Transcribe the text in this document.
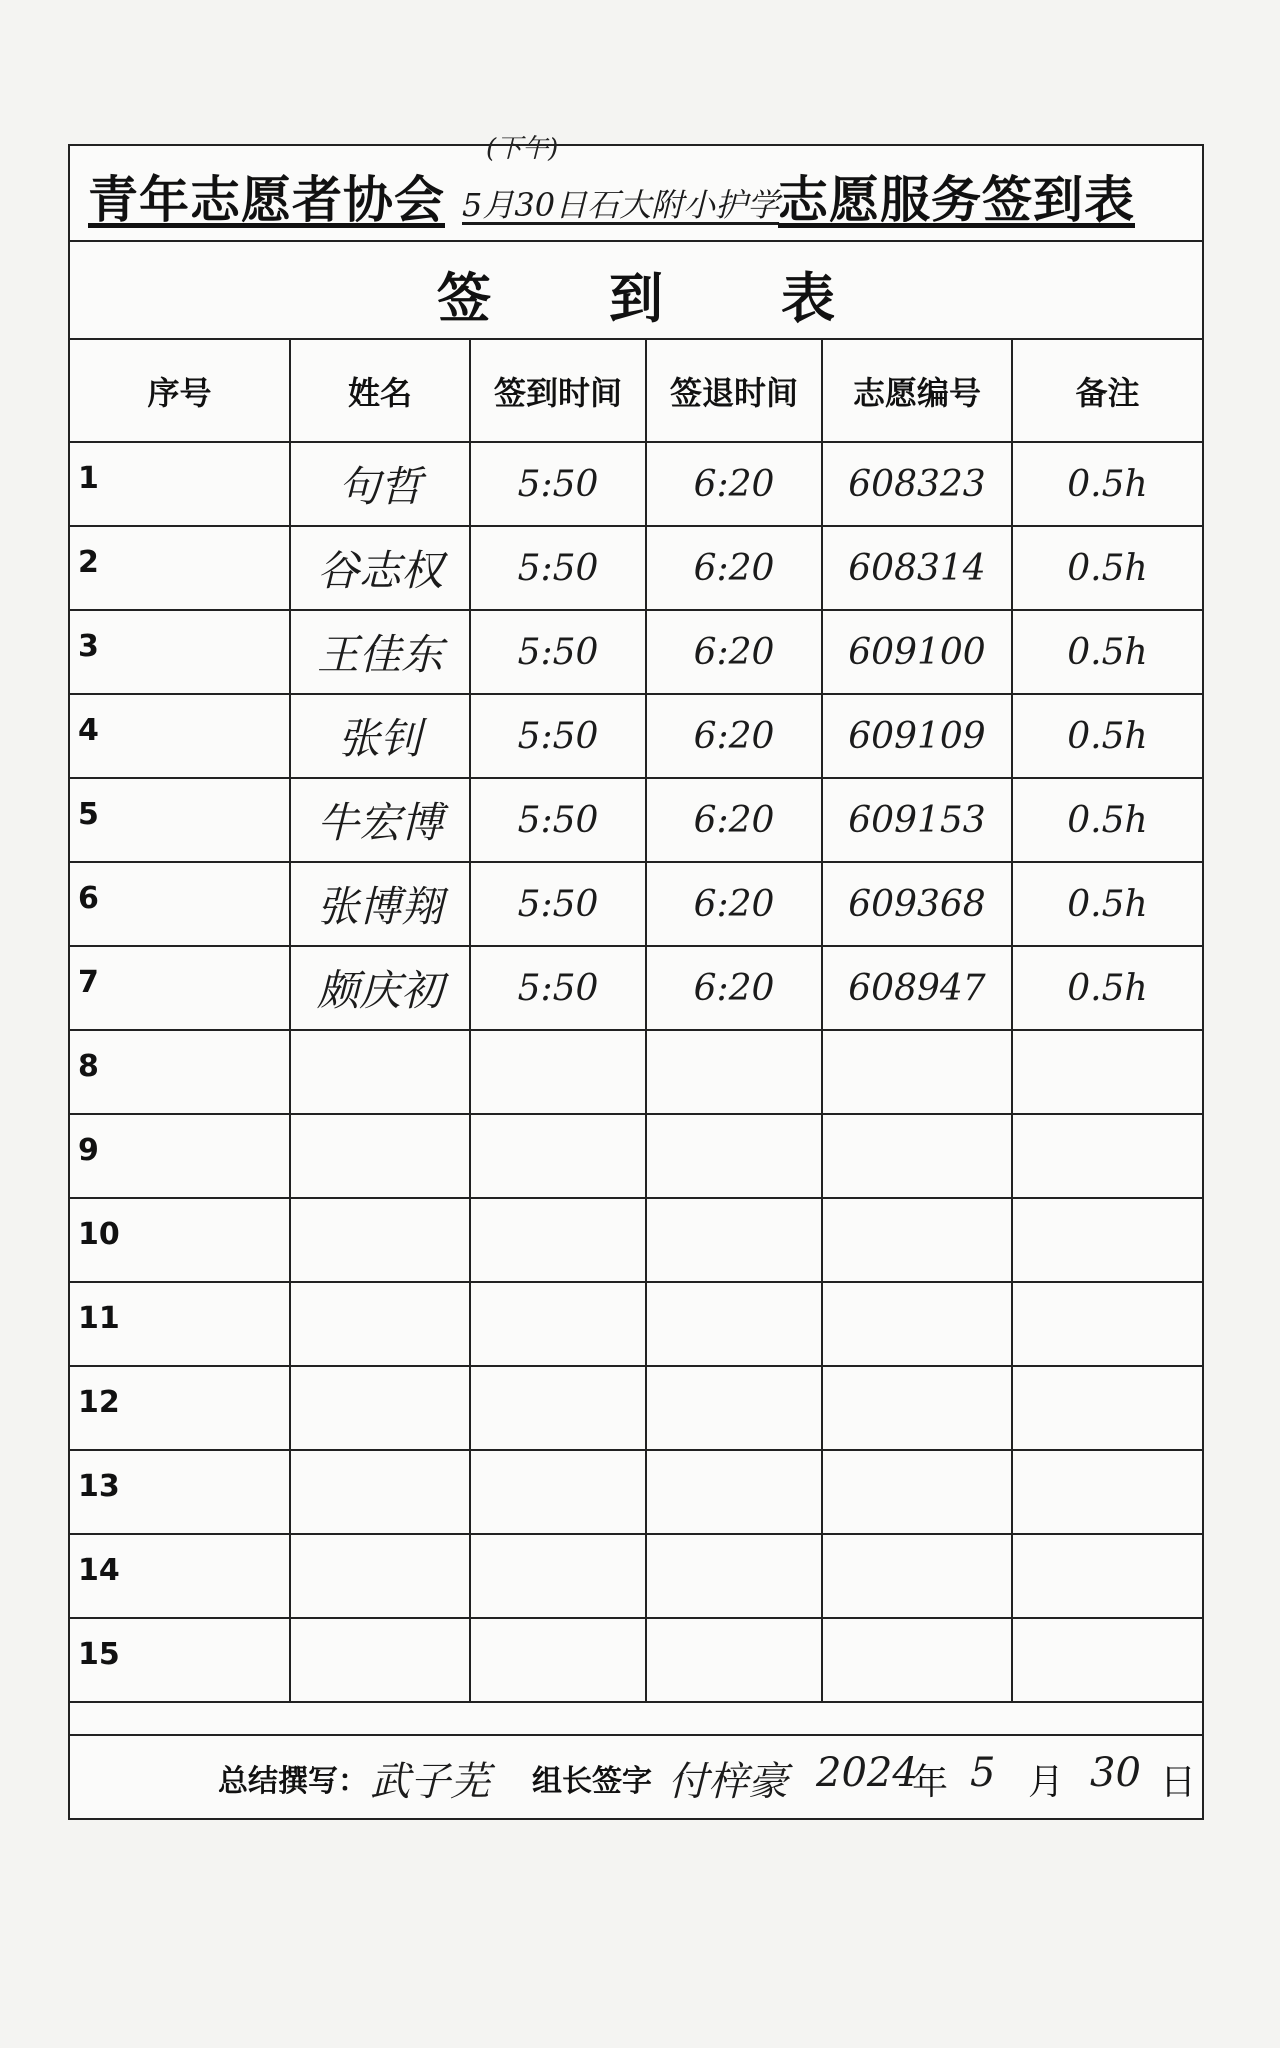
(下午)
青年志愿者协会 5月30日石大附小护学
志愿服务签到表
签到表
序号	姓名	签到时间	签退时间	志愿编号	备注
1	句哲	5:50	6:20	608323	0.5h
2	谷志权	5:50	6:20	608314	0.5h
3	王佳东	5:50	6:20	609100	0.5h
4	张钊	5:50	6:20	609109	0.5h
5	牛宏博	5:50	6:20	609153	0.5h
6	张博翔	5:50	6:20	609368	0.5h
7	颇庆初	5:50	6:20	608947	0.5h
8					
9					
10					
11					
12					
13					
14					
15					
总结撰写： 武子芜 组长签字 付梓豪 2024
年 5 月 30 日
